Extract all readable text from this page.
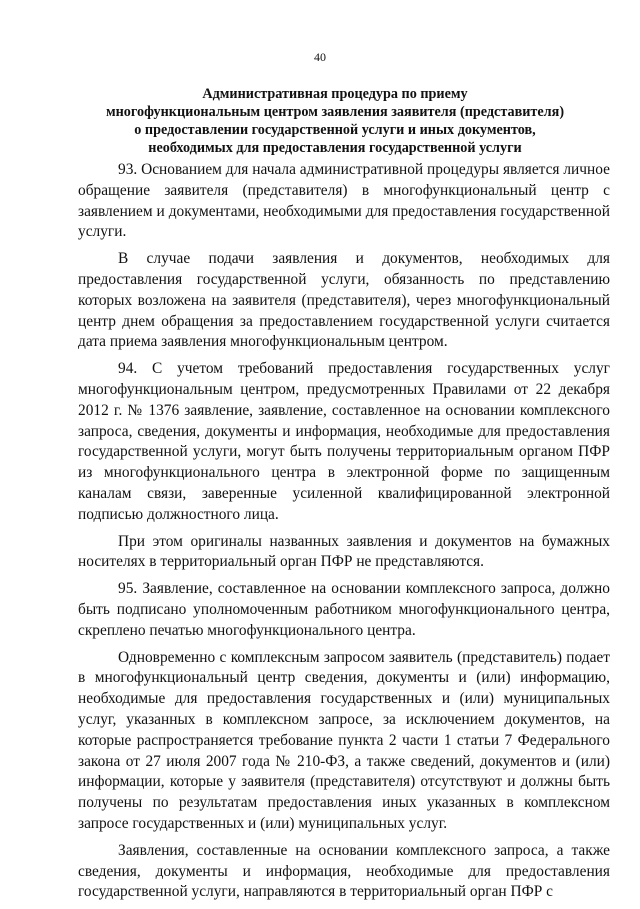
40
Административная процедура по приему
многофункциональным центром заявления заявителя (представителя)
о предоставлении государственной услуги и иных документов,
необходимых для предоставления государственной услуги

93. Основанием для начала административной процедуры является личное обращение заявителя (представителя) в многофункциональный центр с заявлением и документами, необходимыми для предоставления государственной услуги.

В случае подачи заявления и документов, необходимых для предоставления государственной услуги, обязанность по представлению которых возложена на заявителя (представителя), через многофункциональный центр днем обращения за предоставлением государственной услуги считается дата приема заявления многофункциональным центром.

94. С учетом требований предоставления государственных услуг многофункциональным центром, предусмотренных Правилами от 22 декабря 2012 г. № 1376 заявление, заявление, составленное на основании комплексного запроса, сведения, документы и информация, необходимые для предоставления государственной услуги, могут быть получены территориальным органом ПФР из многофункционального центра в электронной форме по защищенным каналам связи, заверенные усиленной квалифицированной электронной подписью должностного лица.

При этом оригиналы названных заявления и документов на бумажных носителях в территориальный орган ПФР не представляются.

95. Заявление, составленное на основании комплексного запроса, должно быть подписано уполномоченным работником многофункционального центра, скреплено печатью многофункционального центра.

Одновременно с комплексным запросом заявитель (представитель) подает в многофункциональный центр сведения, документы и (или) информацию, необходимые для предоставления государственных и (или) муниципальных услуг, указанных в комплексном запросе, за исключением документов, на которые распространяется требование пункта 2 части 1 статьи 7 Федерального закона от 27 июля 2007 года № 210-ФЗ, а также сведений, документов и (или) информации, которые у заявителя (представителя) отсутствуют и должны быть получены по результатам предоставления иных указанных в комплексном запросе государственных и (или) муниципальных услуг.

Заявления, составленные на основании комплексного запроса, а также сведения, документы и информация, необходимые для предоставления государственной услуги, направляются в территориальный орган ПФР с
